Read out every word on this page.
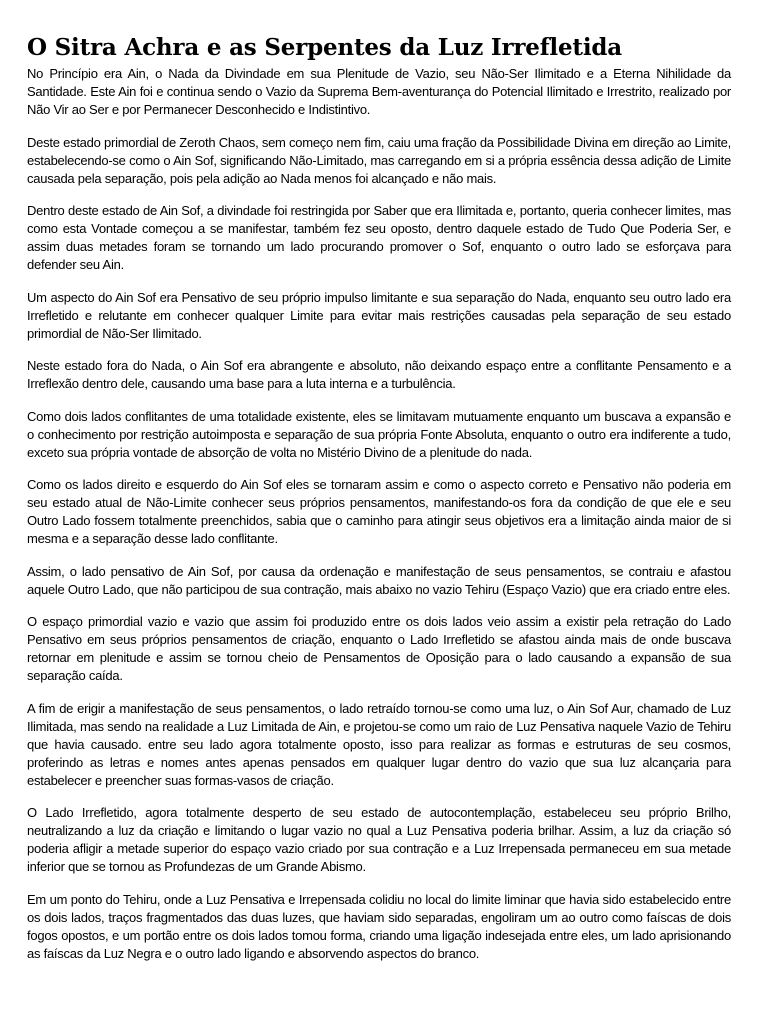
O Sitra Achra e as Serpentes da Luz Irrefletida

No Princípio era Ain, o Nada da Divindade em sua Plenitude de Vazio, seu Não-Ser Ilimitado e a Eterna Nihilidade da Santidade. Este Ain foi e continua sendo o Vazio da Suprema Bem-aventurança do Potencial Ilimitado e Irrestrito, realizado por Não Vir ao Ser e por Permanecer Desconhecido e Indistintivo.

Deste estado primordial de Zeroth Chaos, sem começo nem fim, caiu uma fração da Possibilidade Divina em direção ao Limite, estabelecendo-se como o Ain Sof, significando Não-Limitado, mas carregando em si a própria essência dessa adição de Limite causada pela separação, pois pela adição ao Nada menos foi alcançado e não mais.

Dentro deste estado de Ain Sof, a divindade foi restringida por Saber que era Ilimitada e, portanto, queria conhecer limites, mas como esta Vontade começou a se manifestar, também fez seu oposto, dentro daquele estado de Tudo Que Poderia Ser, e assim duas metades foram se tornando um lado procurando promover o Sof, enquanto o outro lado se esforçava para defender seu Ain.

Um aspecto do Ain Sof era Pensativo de seu próprio impulso limitante e sua separação do Nada, enquanto seu outro lado era Irrefletido e relutante em conhecer qualquer Limite para evitar mais restrições causadas pela separação de seu estado primordial de Não-Ser Ilimitado.

Neste estado fora do Nada, o Ain Sof era abrangente e absoluto, não deixando espaço entre a conflitante Pensamento e a Irreflexão dentro dele, causando uma base para a luta interna e a turbulência.

Como dois lados conflitantes de uma totalidade existente, eles se limitavam mutuamente enquanto um buscava a expansão e o conhecimento por restrição autoimposta e separação de sua própria Fonte Absoluta, enquanto o outro era indiferente a tudo, exceto sua própria vontade de absorção de volta no Mistério Divino de a plenitude do nada.

Como os lados direito e esquerdo do Ain Sof eles se tornaram assim e como o aspecto correto e Pensativo não poderia em seu estado atual de Não-Limite conhecer seus próprios pensamentos, manifestando-os fora da condição de que ele e seu Outro Lado fossem totalmente preenchidos, sabia que o caminho para atingir seus objetivos era a limitação ainda maior de si mesma e a separação desse lado conflitante.

Assim, o lado pensativo de Ain Sof, por causa da ordenação e manifestação de seus pensamentos, se contraiu e afastou aquele Outro Lado, que não participou de sua contração, mais abaixo no vazio Tehiru (Espaço Vazio) que era criado entre eles.

O espaço primordial vazio e vazio que assim foi produzido entre os dois lados veio assim a existir pela retração do Lado Pensativo em seus próprios pensamentos de criação, enquanto o Lado Irrefletido se afastou ainda mais de onde buscava retornar em plenitude e assim se tornou cheio de Pensamentos de Oposição para o lado causando a expansão de sua separação caída.

A fim de erigir a manifestação de seus pensamentos, o lado retraído tornou-se como uma luz, o Ain Sof Aur, chamado de Luz Ilimitada, mas sendo na realidade a Luz Limitada de Ain, e projetou-se como um raio de Luz Pensativa naquele Vazio de Tehiru que havia causado. entre seu lado agora totalmente oposto, isso para realizar as formas e estruturas de seu cosmos, proferindo as letras e nomes antes apenas pensados em qualquer lugar dentro do vazio que sua luz alcançaria para estabelecer e preencher suas formas-vasos de criação.

O Lado Irrefletido, agora totalmente desperto de seu estado de autocontemplação, estabeleceu seu próprio Brilho, neutralizando a luz da criação e limitando o lugar vazio no qual a Luz Pensativa poderia brilhar. Assim, a luz da criação só poderia afligir a metade superior do espaço vazio criado por sua contração e a Luz Irrepensada permaneceu em sua metade inferior que se tornou as Profundezas de um Grande Abismo.

Em um ponto do Tehiru, onde a Luz Pensativa e Irrepensada colidiu no local do limite liminar que havia sido estabelecido entre os dois lados, traços fragmentados das duas luzes, que haviam sido separadas, engoliram um ao outro como faíscas de dois fogos opostos, e um portão entre os dois lados tomou forma, criando uma ligação indesejada entre eles, um lado aprisionando as faíscas da Luz Negra e o outro lado ligando e absorvendo aspectos do branco.
